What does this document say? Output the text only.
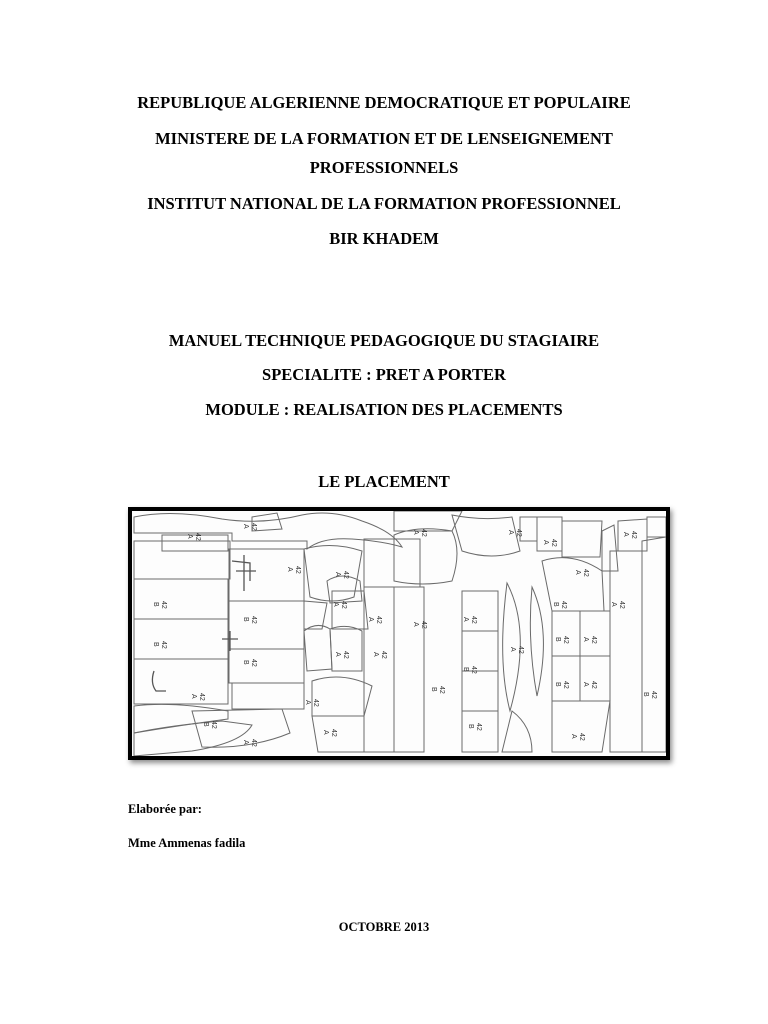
REPUBLIQUE ALGERIENNE DEMOCRATIQUE ET POPULAIRE
MINISTERE DE LA FORMATION ET DE LENSEIGNEMENT
PROFESSIONNELS
INSTITUT NATIONAL DE LA FORMATION PROFESSIONNEL
BIR KHADEM
MANUEL TECHNIQUE PEDAGOGIQUE DU STAGIAIRE
SPECIALITE : PRET A PORTER
MODULE : REALISATION DES PLACEMENTS
LE PLACEMENT
42
A
42
A
42
A	42
A
42
A
42
A
42
A
42
B
42
B
42
B
42
B
42
A
42
B
42
A
42
A
42
A
42
A
42
A	42
A
42
A
42
B
42
B
42
A
42
B
42
B
42
B	42
A
42
B	42
A
42
A
42
A
42
B
42
A
42
A
42
A	42
A
Elaborée par:
Mme Ammenas fadila
OCTOBRE 2013
